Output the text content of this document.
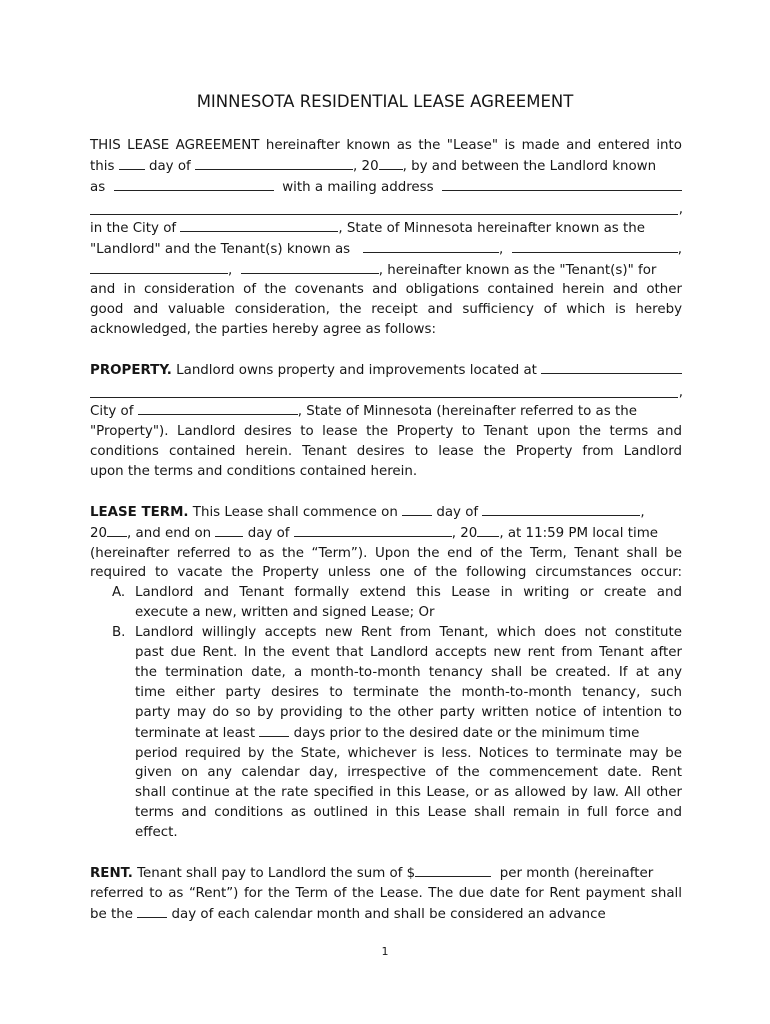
MINNESOTA RESIDENTIAL LEASE AGREEMENT

THIS LEASE AGREEMENT hereinafter known as the "Lease" is made and entered into

this

	day of
	, 20 , by and between the Landlord known
as

	with a mailing address

,
in the City of
	, State of Minnesota hereinafter known as the
"Landlord" and the Tenant(s) known as
	,	,
,	, hereinafter known as the "Tenant(s)" for

and in consideration of the covenants and obligations contained herein and other

good and valuable consideration, the receipt and sufficiency of which is hereby

acknowledged, the parties hereby agree as follows:

PROPERTY.
Landlord owns property and improvements located at

,
City of
	, State of Minnesota (hereinafter referred to as the

"Property"). Landlord desires to lease the Property to Tenant upon the terms and

conditions contained herein. Tenant desires to lease the Property from Landlord

upon the terms and conditions contained herein.

LEASE TERM.
This Lease shall commence on

	day of
	,
20 , and end on

	day of
	, 20 , at 11:59 PM local time

(hereinafter referred to as the “Term”). Upon the end of the Term, Tenant shall be

required to vacate the Property unless one of the following circumstances occur:

A. Landlord and Tenant formally extend this Lease in writing or create and

execute a new, written and signed Lease; Or

B. Landlord willingly accepts new Rent from Tenant, which does not constitute

past due Rent. In the event that Landlord accepts new rent from Tenant after

the termination date, a month-to-month tenancy shall be created. If at any

time either party desires to terminate the month-to-month tenancy, such

party may do so by providing to the other party written notice of intention to

terminate at least

	days prior to the desired date or the minimum time

period required by the State, whichever is less. Notices to terminate may be

given on any calendar day, irrespective of the commencement date. Rent

shall continue at the rate specified in this Lease, or as allowed by law. All other

terms and conditions as outlined in this Lease shall remain in full force and

effect.

RENT.
Tenant shall pay to Landlord the sum of $
	per month (hereinafter

referred to as “Rent”) for the Term of the Lease. The due date for Rent payment shall

be the

	day of each calendar month and shall be considered an advance
1
